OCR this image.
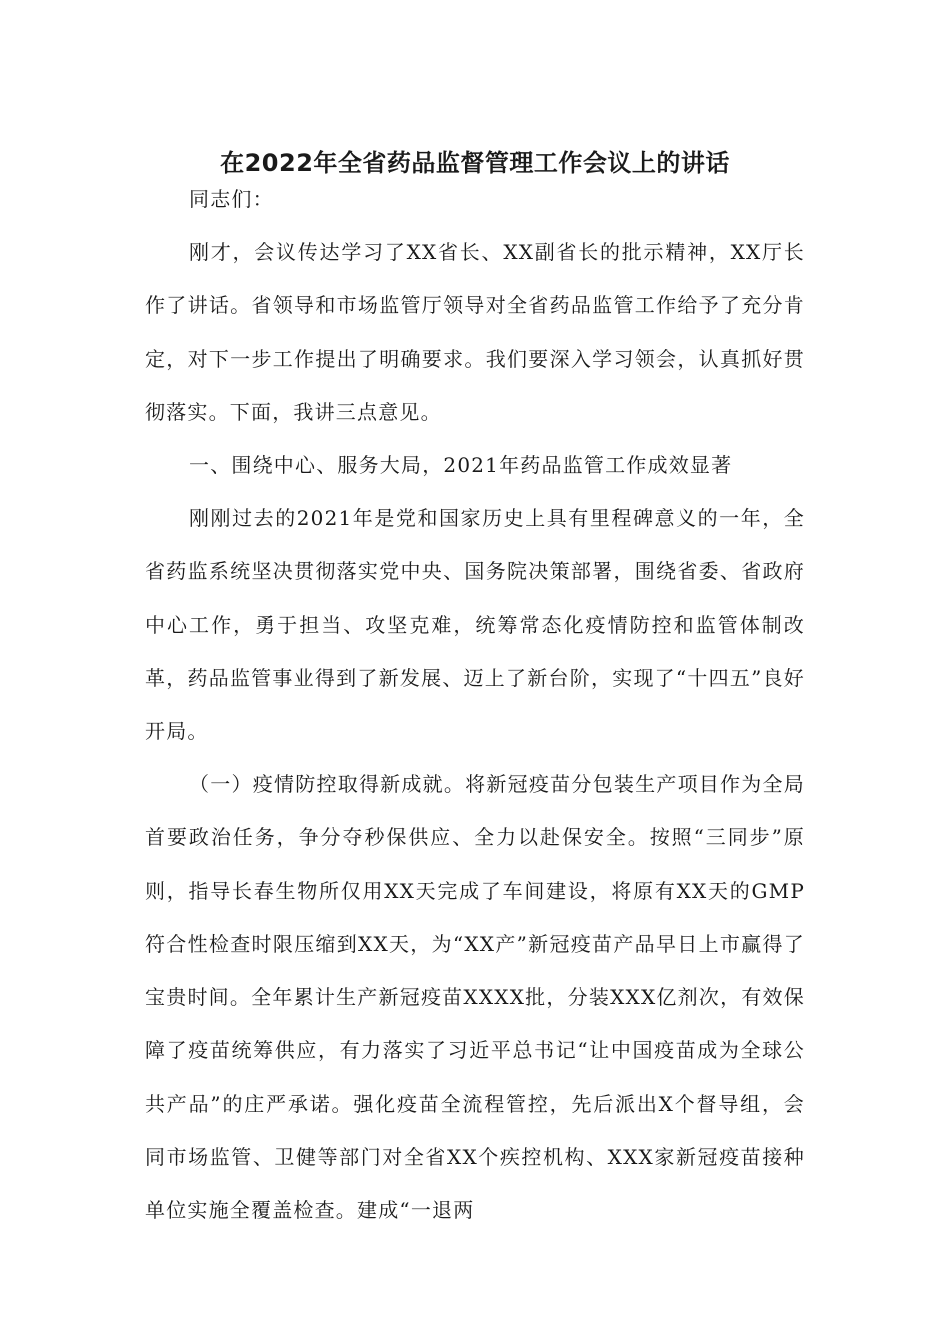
在2022年全省药品监督管理工作会议上的讲话

同志们：

刚才，会议传达学习了XX省长、XX副省长的批示精神，XX厅长作了讲话。省领导和市场监管厅领导对全省药品监管工作给予了充分肯定，对下一步工作提出了明确要求。我们要深入学习领会，认真抓好贯彻落实。下面，我讲三点意见。

一、围绕中心、服务大局，2021年药品监管工作成效显著

刚刚过去的2021年是党和国家历史上具有里程碑意义的一年，全省药监系统坚决贯彻落实党中央、国务院决策部署，围绕省委、省政府中心工作，勇于担当、攻坚克难，统筹常态化疫情防控和监管体制改革，药品监管事业得到了新发展、迈上了新台阶，实现了“十四五”良好开局。

（一）疫情防控取得新成就。将新冠疫苗分包装生产项目作为全局首要政治任务，争分夺秒保供应、全力以赴保安全。按照“三同步”原则，指导长春生物所仅用XX天完成了车间建设，将原有XX天的GMP符合性检查时限压缩到XX天，为“XX产”新冠疫苗产品早日上市赢得了宝贵时间。全年累计生产新冠疫苗XXXX批，分装XXX亿剂次，有效保障了疫苗统筹供应，有力落实了习近平总书记“让中国疫苗成为全球公共产品”的庄严承诺。强化疫苗全流程管控，先后派出X个督导组，会同市场监管、卫健等部门对全省XX个疾控机构、XXX家新冠疫苗接种单位实施全覆盖检查。建成“一退两
